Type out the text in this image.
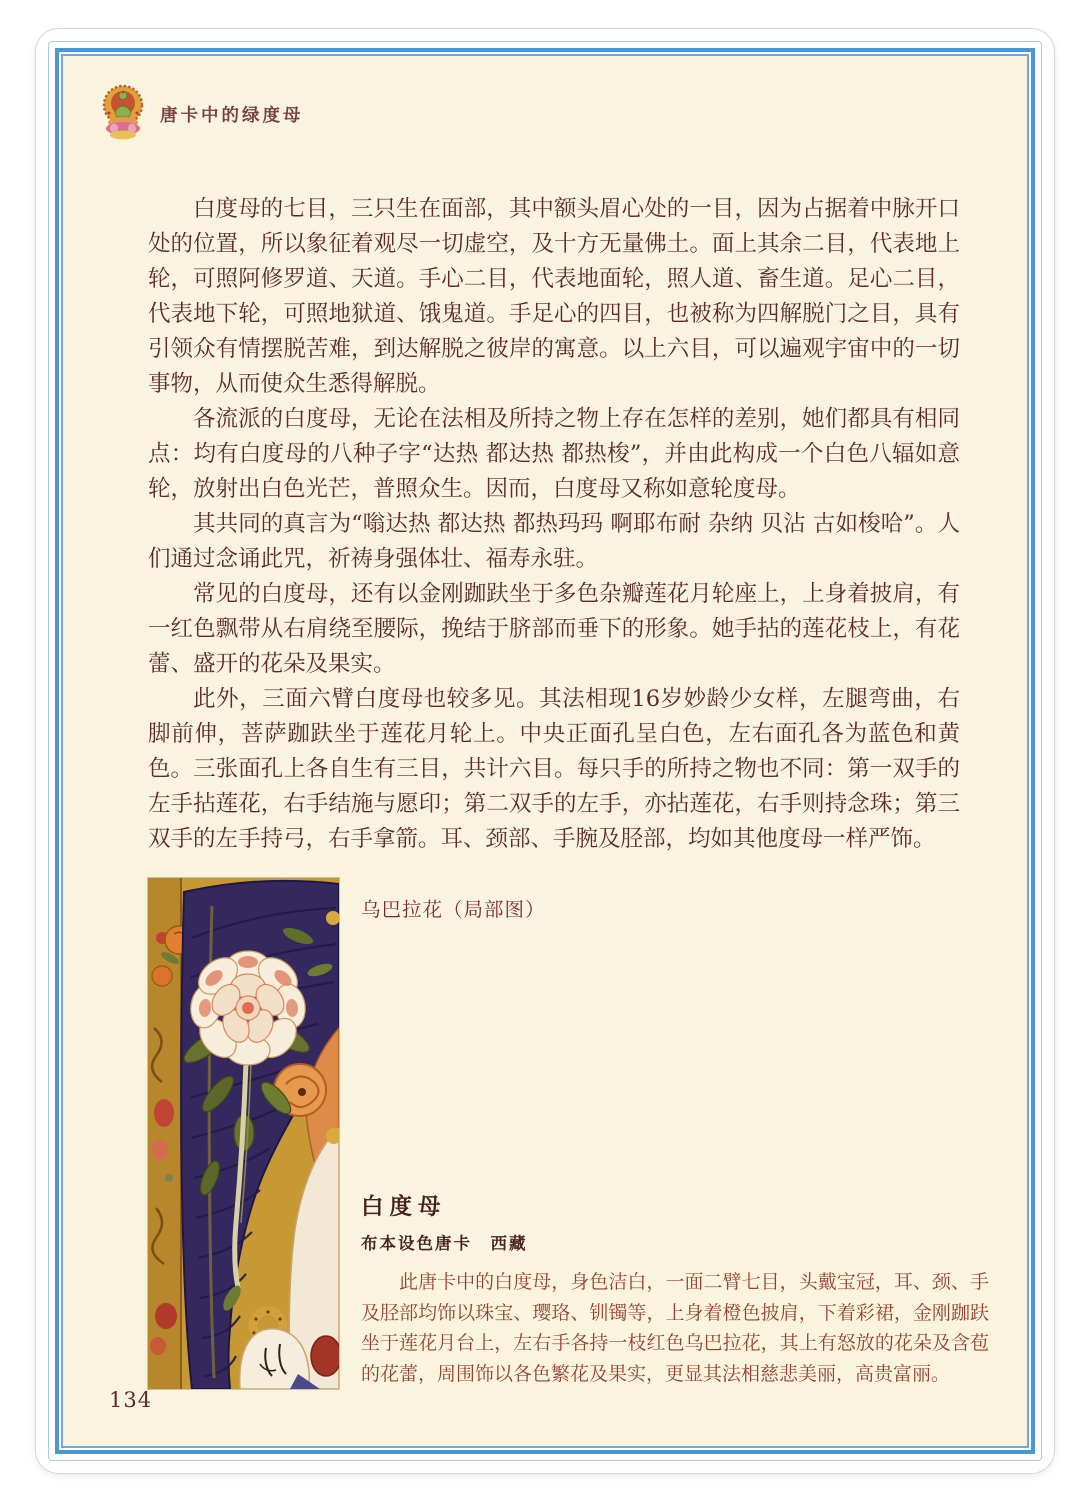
唐卡中的绿度母

白度母的七目，三只生在面部，其中额头眉心处的一目，因为占据着中脉开口处的位置，所以象征着观尽一切虚空，及十方无量佛土。面上其余二目，代表地上轮，可照阿修罗道、天道。手心二目，代表地面轮，照人道、畜生道。足心二目，代表地下轮，可照地狱道、饿鬼道。手足心的四目，也被称为四解脱门之目，具有引领众有情摆脱苦难，到达解脱之彼岸的寓意。以上六目，可以遍观宇宙中的一切事物，从而使众生悉得解脱。

各流派的白度母，无论在法相及所持之物上存在怎样的差别，她们都具有相同点：均有白度母的八种子字“达热 都达热 都热梭”，并由此构成一个白色八辐如意轮，放射出白色光芒，普照众生。因而，白度母又称如意轮度母。

其共同的真言为“嗡达热 都达热 都热玛玛 啊耶布耐 杂纳 贝沾 古如梭哈”。人们通过念诵此咒，祈祷身强体壮、福寿永驻。

常见的白度母，还有以金刚跏趺坐于多色杂瓣莲花月轮座上，上身着披肩，有一红色飘带从右肩绕至腰际，挽结于脐部而垂下的形象。她手拈的莲花枝上，有花蕾、盛开的花朵及果实。

此外，三面六臂白度母也较多见。其法相现16岁妙龄少女样，左腿弯曲，右脚前伸，菩萨跏趺坐于莲花月轮上。中央正面孔呈白色，左右面孔各为蓝色和黄色。三张面孔上各自生有三目，共计六目。每只手的所持之物也不同：第一双手的左手拈莲花，右手结施与愿印；第二双手的左手，亦拈莲花，右手则持念珠；第三双手的左手持弓，右手拿箭。耳、颈部、手腕及胫部，均如其他度母一样严饰。

乌巴拉花（局部图）
白度母
布本设色唐卡　西藏
此唐卡中的白度母，身色洁白，一面二臂七目，头戴宝冠，耳、颈、手及胫部均饰以珠宝、璎珞、钏镯等，上身着橙色披肩，下着彩裙，金刚跏趺坐于莲花月台上，左右手各持一枝红色乌巴拉花，其上有怒放的花朵及含苞的花蕾，周围饰以各色繁花及果实，更显其法相慈悲美丽，高贵富丽。
134
